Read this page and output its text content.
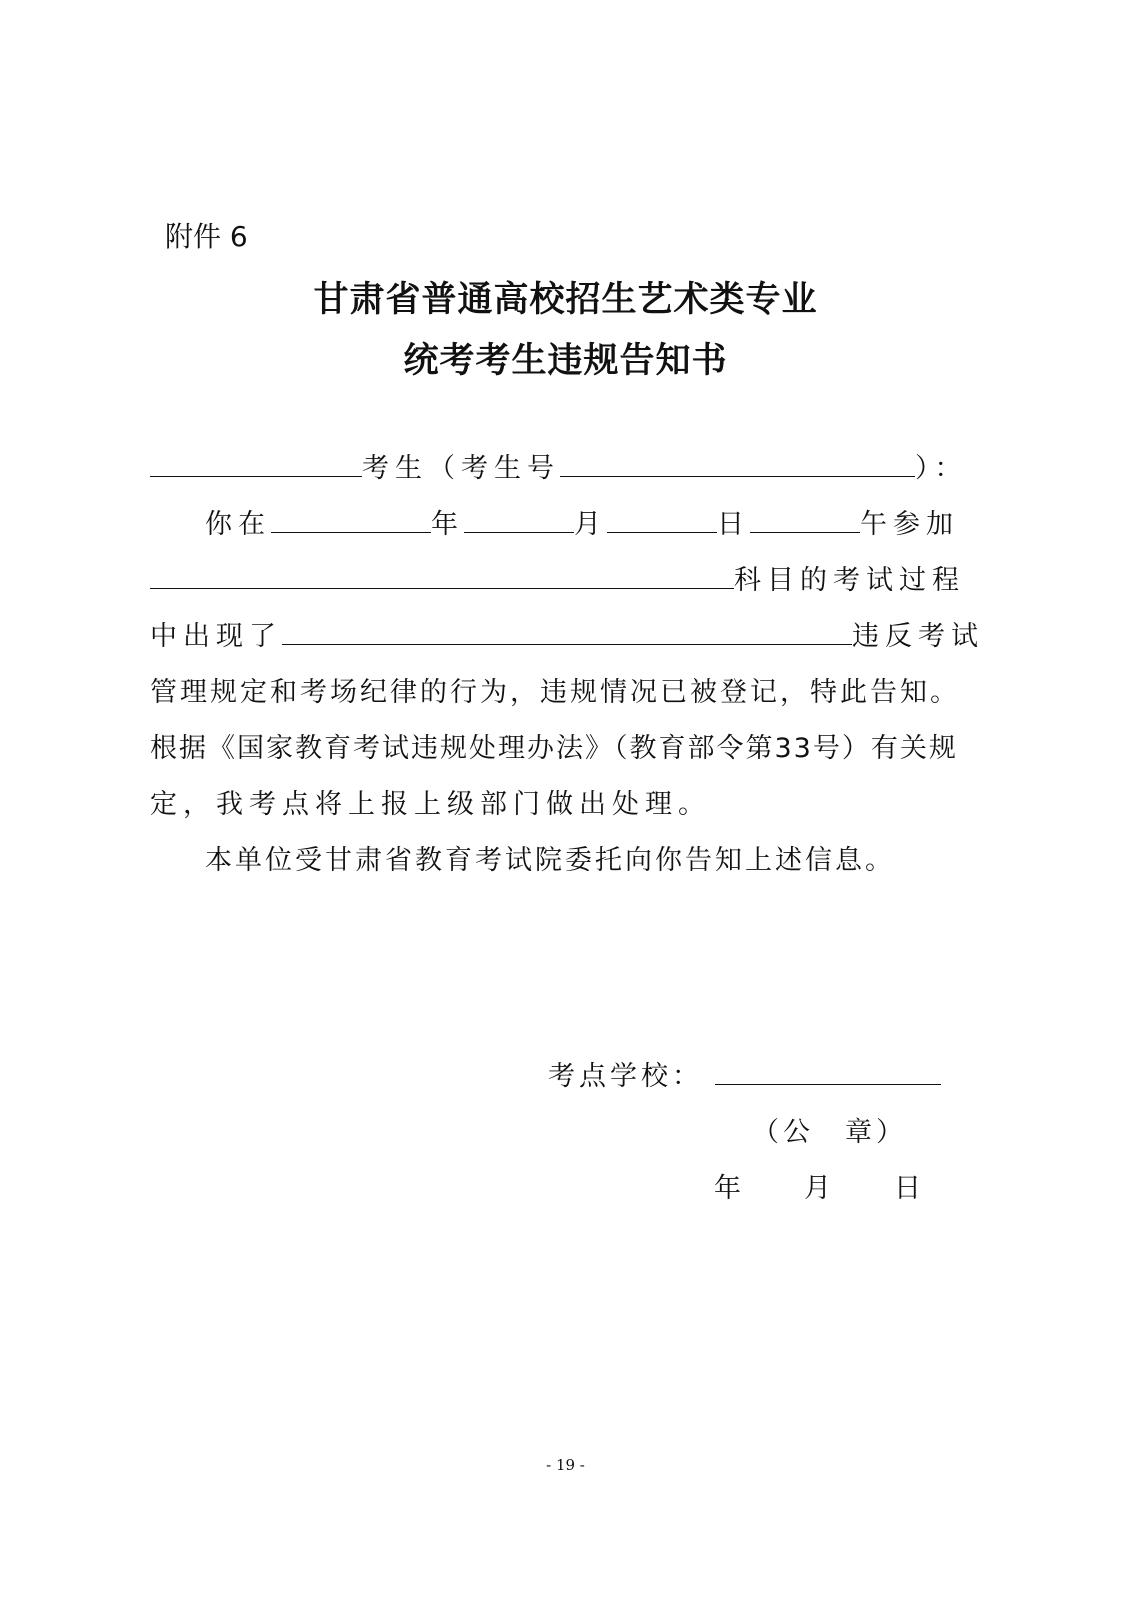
附件 6
甘肃省普通高校招生艺术类专业
统考考生违规告知书
考生（考生号	）：
你在	年	月	日	午参加
科目的考试过程
中出现了	违反考试
管理规定和考场纪律的行为，违规情况已被登记，特此告知。
根据《国家教育考试违规处理办法》（教育部令第33号）有关规
定，我考点将上报上级部门做出处理。
本单位受甘肃省教育考试院委托向你告知上述信息。
考点学校：
（公　章）
年 月 日
- 19 -
